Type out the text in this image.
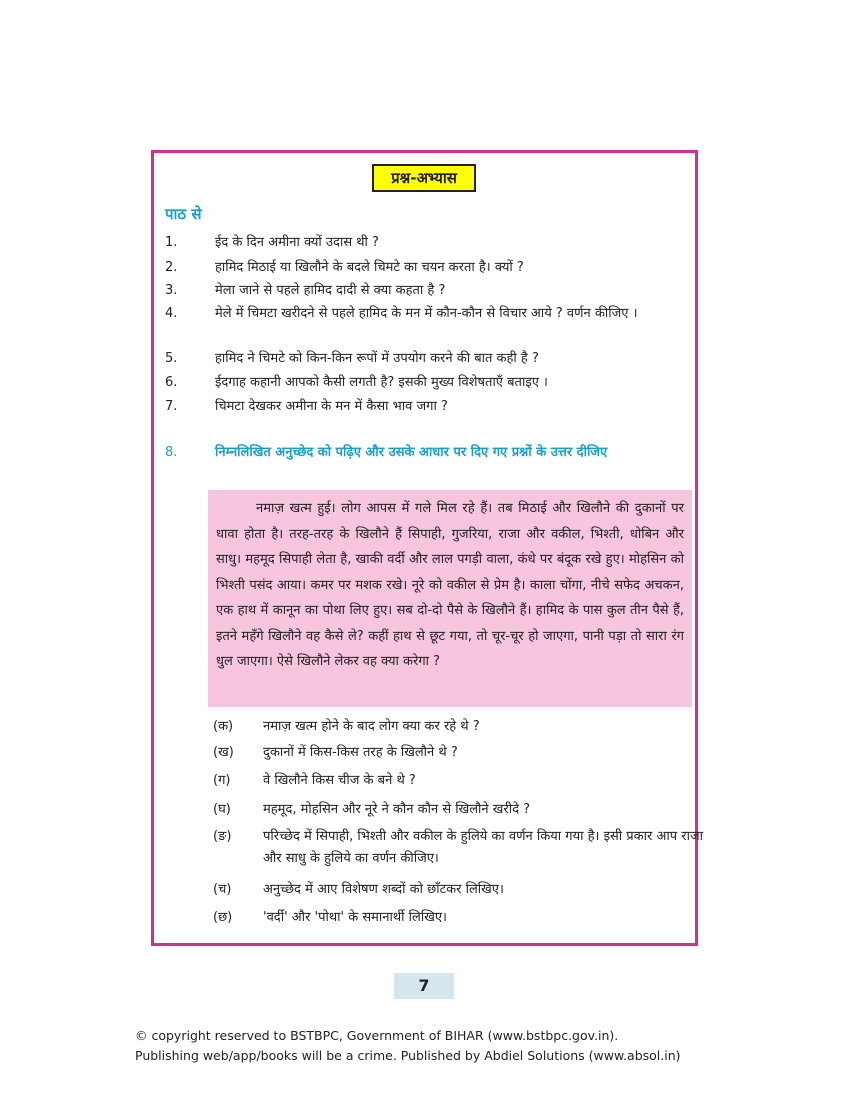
प्रश्न-अभ्यास
पाठ से
1.	ईद के दिन अमीना क्यों उदास थी ?
2.	हामिद मिठाई या खिलौने के बदले चिमटे का चयन करता है। क्यों ?
3.	मेला जाने से पहले हामिद दादी से क्या कहता है ?
4.	मेले में चिमटा खरीदने से पहले हामिद के मन में कौन-कौन से विचार आये ? वर्णन कीजिए ।
5.	हामिद ने चिमटे को किन-किन रूपों में उपयोग करने की बात कही है ?
6.	ईदगाह कहानी आपको कैसी लगती है? इसकी मुख्य विशेषताएँ बताइए ।
7.	चिमटा देखकर अमीना के मन में कैसा भाव जगा ?
8.	निम्नलिखित अनुच्छेद को पढ़िए और उसके आधार पर दिए गए प्रश्नों के उत्तर दीजिए
नमाज़ खत्म हुई। लोग आपस में गले मिल रहे हैं। तब मिठाई और खिलौने की दुकानों पर धावा होता है। तरह-तरह के खिलौने हैं सिपाही, गुजरिया, राजा और वकील, भिश्ती, धोबिन और साधु। महमूद सिपाही लेता है, खाकी वर्दी और लाल पगड़ी वाला, कंधे पर बंदूक रखे हुए। मोहसिन को भिश्ती पसंद आया। कमर पर मशक रखे। नूरे को वकील से प्रेम है। काला चोंगा, नीचे सफेद अचकन, एक हाथ में कानून का पोथा लिए हुए। सब दो-दो पैसे के खिलौने हैं। हामिद के पास कुल तीन पैसे हैं, इतने महँगे खिलौने वह कैसे ले? कहीं हाथ से छूट गया, तो चूर-चूर हो जाएगा, पानी पड़ा तो सारा रंग धुल जाएगा। ऐसे खिलौने लेकर वह क्या करेगा ?
(क) नमाज़ खत्म होने के बाद लोग क्या कर रहे थे ?
(ख) दुकानों में किस-किस तरह के खिलौने थे ?
(ग)	वे खिलौने किस चीज के बने थे ?
(घ) महमूद, मोहसिन और नूरे ने कौन कौन से खिलौने खरीदे ?
(ङ) परिच्छेद में सिपाही, भिश्ती और वकील के हुलिये का वर्णन किया गया है। इसी प्रकार आप राजा और साधु के हुलिये का वर्णन कीजिए।
(च) अनुच्छेद में आए विशेषण शब्दों को छाँटकर लिखिए।
(छ) 'वर्दी' और 'पोथा' के समानार्थी लिखिए।
7
© copyright reserved to BSTBPC, Government of BIHAR (www.bstbpc.gov.in).
Publishing web/app/books will be a crime. Published by Abdiel Solutions (www.absol.in)
